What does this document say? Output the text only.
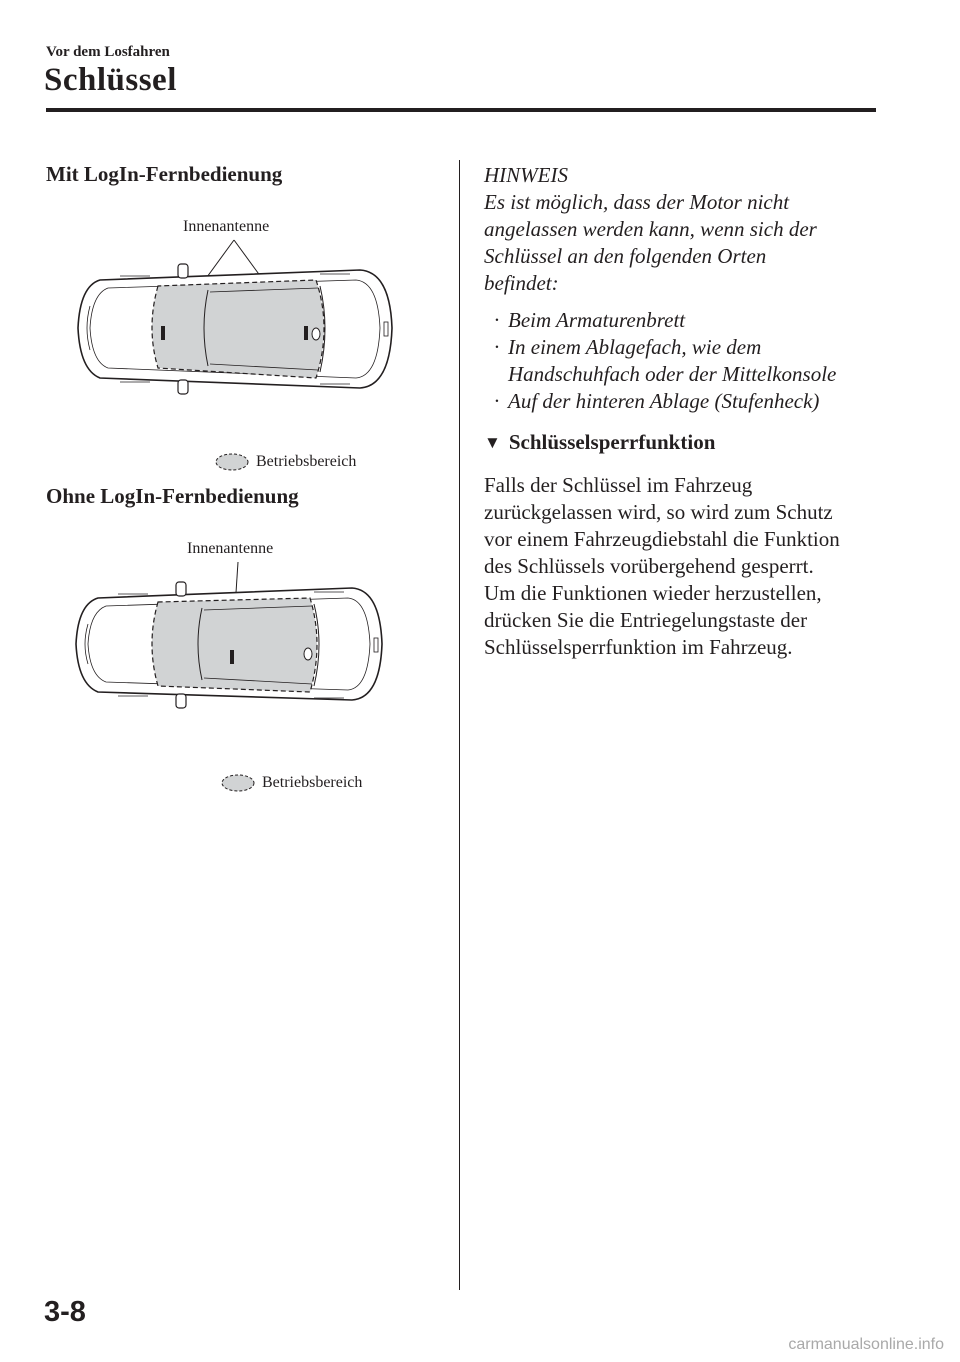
Vor dem Losfahren
Schlüssel
Mit LogIn-Fernbedienung
Innenantenne
Betriebsbereich
Ohne LogIn-Fernbedienung
Innenantenne
Betriebsbereich
HINWEIS
Es ist möglich, dass der Motor nicht
angelassen werden kann, wenn sich der
Schlüssel an den folgenden Orten
befindet:
· Beim Armaturenbrett
· In einem Ablagefach, wie dem
Handschuhfach oder der Mittelkonsole
· Auf der hinteren Ablage (Stufenheck)
▼ Schlüsselsperrfunktion
Falls der Schlüssel im Fahrzeug
zurückgelassen wird, so wird zum Schutz
vor einem Fahrzeugdiebstahl die Funktion
des Schlüssels vorübergehend gesperrt.
Um die Funktionen wieder herzustellen,
drücken Sie die Entriegelungstaste der
Schlüsselsperrfunktion im Fahrzeug.
3-8
carmanualsonline.info
